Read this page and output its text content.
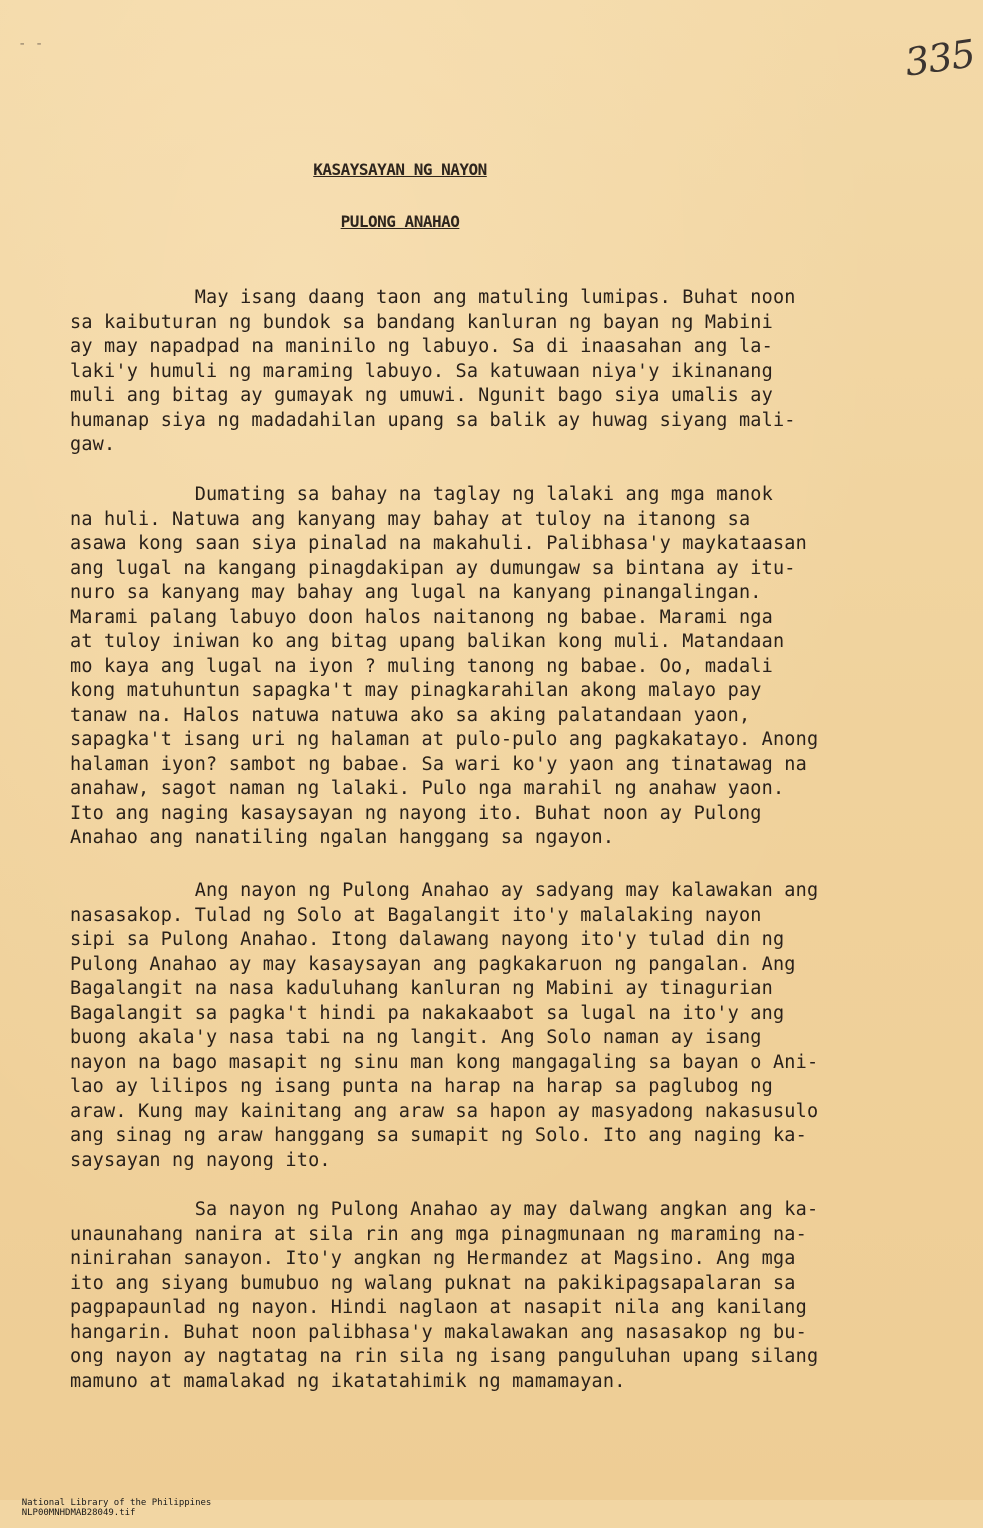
- -	335
KASAYSAYAN NG NAYON
PULONG ANAHAO
May isang daang taon ang matuling lumipas. Buhat noon
sa kaibuturan ng bundok sa bandang kanluran ng bayan ng Mabini
ay may napadpad na maninilo ng labuyo. Sa di inaasahan ang la-
laki'y humuli ng maraming labuyo. Sa katuwaan niya'y ikinanang
muli ang bitag ay gumayak ng umuwi. Ngunit bago siya umalis ay
humanap siya ng madadahilan upang sa balik ay huwag siyang mali-
gaw.
Dumating sa bahay na taglay ng lalaki ang mga manok
na huli. Natuwa ang kanyang may bahay at tuloy na itanong sa
asawa kong saan siya pinalad na makahuli. Palibhasa'y maykataasan
ang lugal na kangang pinagdakipan ay dumungaw sa bintana ay itu-
nuro sa kanyang may bahay ang lugal na kanyang pinangalingan.
Marami palang labuyo doon halos naitanong ng babae. Marami nga
at tuloy iniwan ko ang bitag upang balikan kong muli. Matandaan
mo kaya ang lugal na iyon ? muling tanong ng babae. Oo, madali
kong matuhuntun sapagka't may pinagkarahilan akong malayo pay
tanaw na. Halos natuwa natuwa ako sa aking palatandaan yaon,
sapagka't isang uri ng halaman at pulo-pulo ang pagkakatayo. Anong
halaman iyon? sambot ng babae. Sa wari ko'y yaon ang tinatawag na
anahaw, sagot naman ng lalaki. Pulo nga marahil ng anahaw yaon.
Ito ang naging kasaysayan ng nayong ito. Buhat noon ay Pulong
Anahao ang nanatiling ngalan hanggang sa ngayon.
Ang nayon ng Pulong Anahao ay sadyang may kalawakan ang
nasasakop. Tulad ng Solo at Bagalangit ito'y malalaking nayon
sipi sa Pulong Anahao. Itong dalawang nayong ito'y tulad din ng
Pulong Anahao ay may kasaysayan ang pagkakaruon ng pangalan. Ang
Bagalangit na nasa kaduluhang kanluran ng Mabini ay tinagurian
Bagalangit sa pagka't hindi pa nakakaabot sa lugal na ito'y ang
buong akala'y nasa tabi na ng langit. Ang Solo naman ay isang
nayon na bago masapit ng sinu man kong mangagaling sa bayan o Ani-
lao ay lilipos ng isang punta na harap na harap sa paglubog ng
araw. Kung may kainitang ang araw sa hapon ay masyadong nakasusulo
ang sinag ng araw hanggang sa sumapit ng Solo. Ito ang naging ka-
saysayan ng nayong ito.
Sa nayon ng Pulong Anahao ay may dalwang angkan ang ka-
unaunahang nanira at sila rin ang mga pinagmunaan ng maraming na-
ninirahan sanayon. Ito'y angkan ng Hermandez at Magsino. Ang mga
ito ang siyang bumubuo ng walang puknat na pakikipagsapalaran sa
pagpapaunlad ng nayon. Hindi naglaon at nasapit nila ang kanilang
hangarin. Buhat noon palibhasa'y makalawakan ang nasasakop ng bu-
ong nayon ay nagtatag na rin sila ng isang panguluhan upang silang
mamuno at mamalakad ng ikatatahimik ng mamamayan.

National Library of the Philippines
NLP00MNHDMAB28049.tif
